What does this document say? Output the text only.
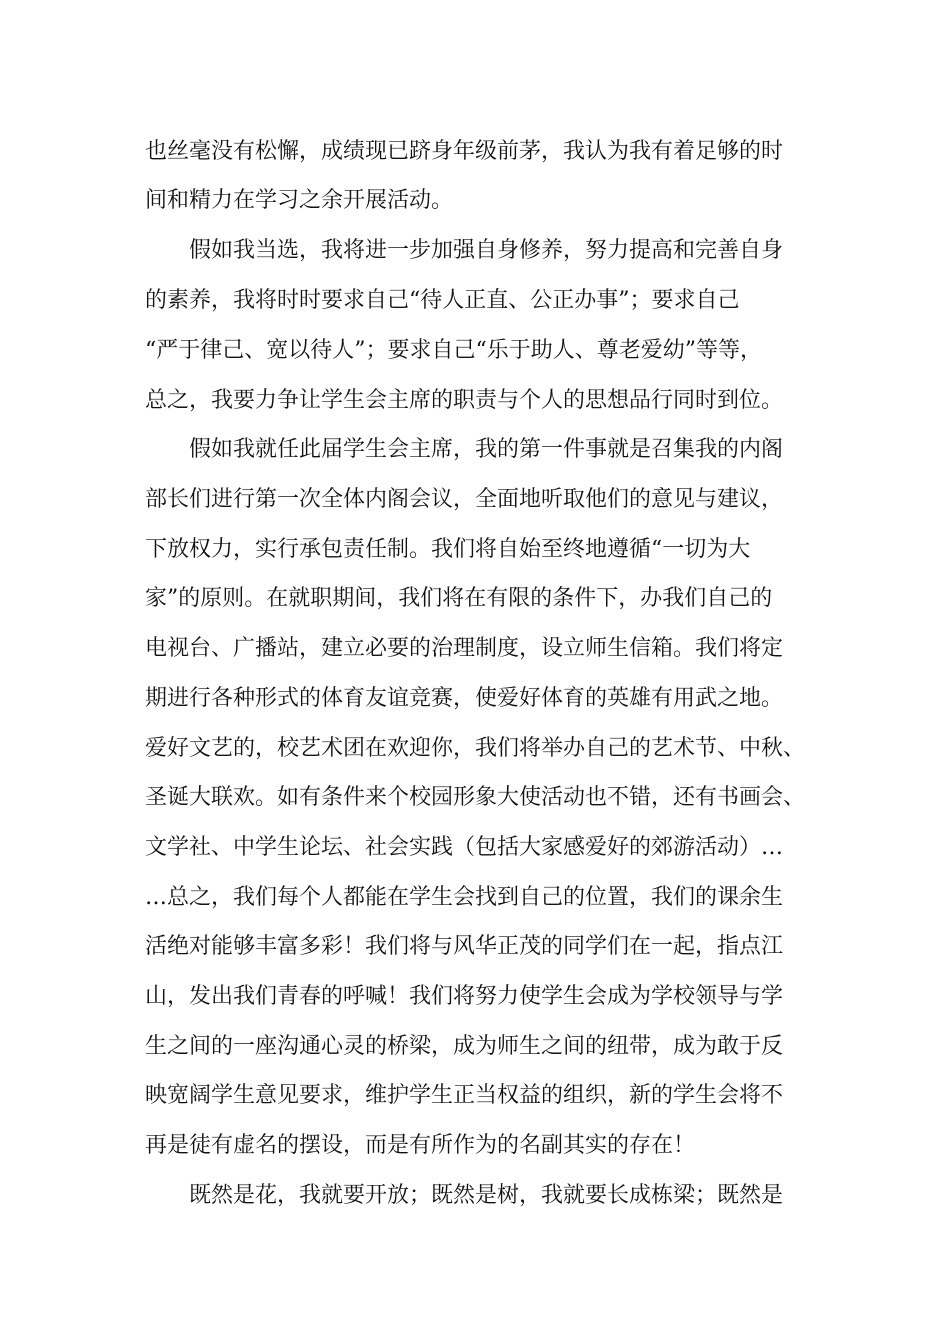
也丝毫没有松懈，成绩现已跻身年级前茅，我认为我有着足够的时
间和精力在学习之余开展活动。
假如我当选，我将进一步加强自身修养，努力提高和完善自身
的素养，我将时时要求自己“待人正直、公正办事”；要求自己
“严于律己、宽以待人”；要求自己“乐于助人、尊老爱幼”等等，
总之，我要力争让学生会主席的职责与个人的思想品行同时到位。
假如我就任此届学生会主席，我的第一件事就是召集我的内阁
部长们进行第一次全体内阁会议，全面地听取他们的意见与建议，
下放权力，实行承包责任制。我们将自始至终地遵循“一切为大
家”的原则。在就职期间，我们将在有限的条件下，办我们自己的
电视台、广播站，建立必要的治理制度，设立师生信箱。我们将定
期进行各种形式的体育友谊竞赛，使爱好体育的英雄有用武之地。
爱好文艺的，校艺术团在欢迎你，我们将举办自己的艺术节、中秋、
圣诞大联欢。如有条件来个校园形象大使活动也不错，还有书画会、
文学社、中学生论坛、社会实践（包括大家感爱好的郊游活动）…
…总之，我们每个人都能在学生会找到自己的位置，我们的课余生
活绝对能够丰富多彩！我们将与风华正茂的同学们在一起，指点江
山，发出我们青春的呼喊！我们将努力使学生会成为学校领导与学
生之间的一座沟通心灵的桥梁，成为师生之间的纽带，成为敢于反
映宽阔学生意见要求，维护学生正当权益的组织，新的学生会将不
再是徒有虚名的摆设，而是有所作为的名副其实的存在！
既然是花，我就要开放；既然是树，我就要长成栋梁；既然是
